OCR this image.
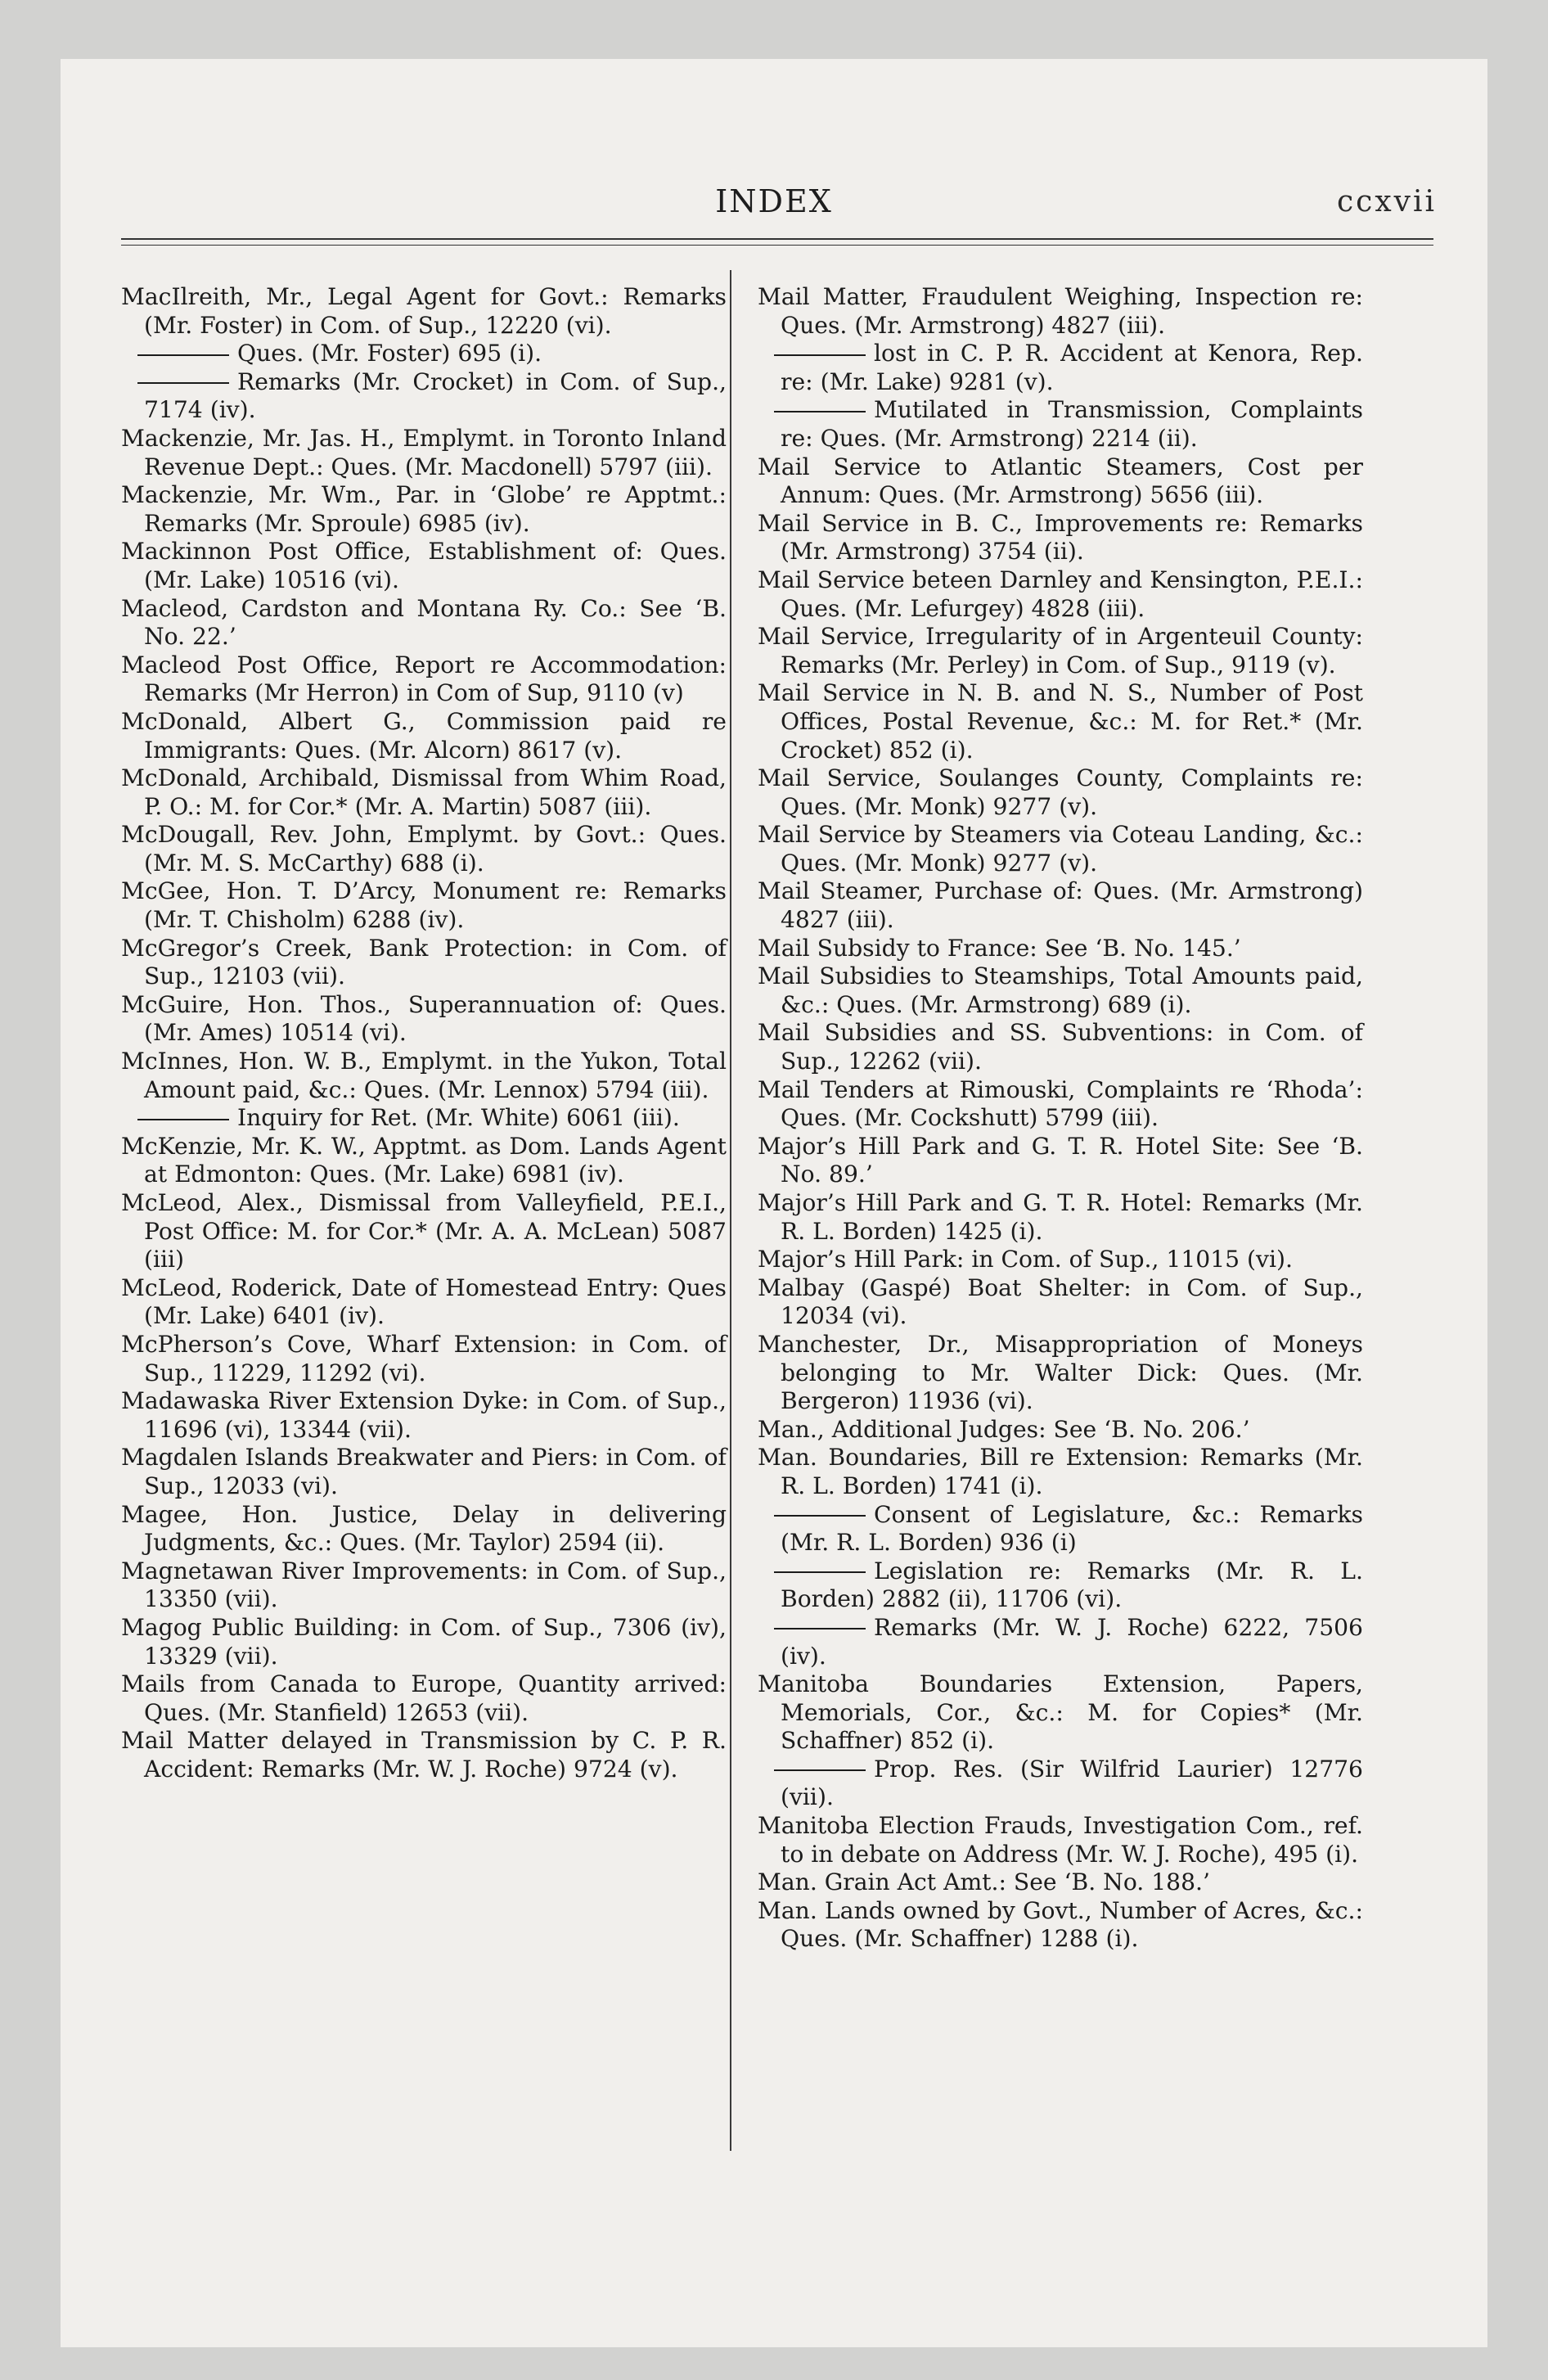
INDEX	ccxvii

MacIlreith, Mr., Legal Agent for Govt.: Remarks (Mr. Foster) in Com. of Sup., 12220 (vi).

Ques. (Mr. Foster) 695 (i).

Remarks (Mr. Crocket) in Com. of Sup., 7174 (iv).

Mackenzie, Mr. Jas. H., Emplymt. in Toronto Inland Revenue Dept.: Ques. (Mr. Macdonell) 5797 (iii).

Mackenzie, Mr. Wm., Par. in ‘Globe’ re Apptmt.: Remarks (Mr. Sproule) 6985 (iv).

Mackinnon Post Office, Establishment of: Ques. (Mr. Lake) 10516 (vi).

Macleod, Cardston and Montana Ry. Co.: See ‘B. No. 22.’

Macleod Post Office, Report re Accommodation: Remarks (Mr Herron) in Com of Sup, 9110 (v)

McDonald, Albert G., Commission paid re Immigrants: Ques. (Mr. Alcorn) 8617 (v).

McDonald, Archibald, Dismissal from Whim Road, P. O.: M. for Cor.* (Mr. A. Martin) 5087 (iii).

McDougall, Rev. John, Emplymt. by Govt.: Ques. (Mr. M. S. McCarthy) 688 (i).

McGee, Hon. T. D’Arcy, Monument re: Remarks (Mr. T. Chisholm) 6288 (iv).

McGregor’s Creek, Bank Protection: in Com. of Sup., 12103 (vii).

McGuire, Hon. Thos., Superannuation of: Ques. (Mr. Ames) 10514 (vi).

McInnes, Hon. W. B., Emplymt. in the Yukon, Total Amount paid, &c.: Ques. (Mr. Lennox) 5794 (iii).

Inquiry for Ret. (Mr. White) 6061 (iii).

McKenzie, Mr. K. W., Apptmt. as Dom. Lands Agent at Edmonton: Ques. (Mr. Lake) 6981 (iv).

McLeod, Alex., Dismissal from Valleyfield, P.E.I., Post Office: M. for Cor.* (Mr. A. A. McLean) 5087 (iii)

McLeod, Roderick, Date of Homestead Entry: Ques (Mr. Lake) 6401 (iv).

McPherson’s Cove, Wharf Extension: in Com. of Sup., 11229, 11292 (vi).

Madawaska River Extension Dyke: in Com. of Sup., 11696 (vi), 13344 (vii).

Magdalen Islands Breakwater and Piers: in Com. of Sup., 12033 (vi).

Magee, Hon. Justice, Delay in delivering Judgments, &c.: Ques. (Mr. Taylor) 2594 (ii).

Magnetawan River Improvements: in Com. of Sup., 13350 (vii).

Magog Public Building: in Com. of Sup., 7306 (iv), 13329 (vii).

Mails from Canada to Europe, Quantity arrived: Ques. (Mr. Stanfield) 12653 (vii).

Mail Matter delayed in Transmission by C. P. R. Accident: Remarks (Mr. W. J. Roche) 9724 (v).

Mail Matter, Fraudulent Weighing, Inspection re: Ques. (Mr. Armstrong) 4827 (iii).

lost in C. P. R. Accident at Kenora, Rep. re: (Mr. Lake) 9281 (v).

Mutilated in Transmission, Complaints re: Ques. (Mr. Armstrong) 2214 (ii).

Mail Service to Atlantic Steamers, Cost per Annum: Ques. (Mr. Armstrong) 5656 (iii).

Mail Service in B. C., Improvements re: Remarks (Mr. Armstrong) 3754 (ii).

Mail Service beteen Darnley and Kensington, P.E.I.: Ques. (Mr. Lefurgey) 4828 (iii).

Mail Service, Irregularity of in Argenteuil County: Remarks (Mr. Perley) in Com. of Sup., 9119 (v).

Mail Service in N. B. and N. S., Number of Post Offices, Postal Revenue, &c.: M. for Ret.* (Mr. Crocket) 852 (i).

Mail Service, Soulanges County, Complaints re: Ques. (Mr. Monk) 9277 (v).

Mail Service by Steamers via Coteau Landing, &c.: Ques. (Mr. Monk) 9277 (v).

Mail Steamer, Purchase of: Ques. (Mr. Armstrong) 4827 (iii).

Mail Subsidy to France: See ‘B. No. 145.’

Mail Subsidies to Steamships, Total Amounts paid, &c.: Ques. (Mr. Armstrong) 689 (i).

Mail Subsidies and SS. Subventions: in Com. of Sup., 12262 (vii).

Mail Tenders at Rimouski, Complaints re ‘Rhoda’: Ques. (Mr. Cockshutt) 5799 (iii).

Major’s Hill Park and G. T. R. Hotel Site: See ‘B. No. 89.’

Major’s Hill Park and G. T. R. Hotel: Remarks (Mr. R. L. Borden) 1425 (i).

Major’s Hill Park: in Com. of Sup., 11015 (vi).

Malbay (Gaspé) Boat Shelter: in Com. of Sup., 12034 (vi).

Manchester, Dr., Misappropriation of Moneys belonging to Mr. Walter Dick: Ques. (Mr. Bergeron) 11936 (vi).

Man., Additional Judges: See ‘B. No. 206.’

Man. Boundaries, Bill re Extension: Remarks (Mr. R. L. Borden) 1741 (i).

Consent of Legislature, &c.: Remarks (Mr. R. L. Borden) 936 (i)

Legislation re: Remarks (Mr. R. L. Borden) 2882 (ii), 11706 (vi).

Remarks (Mr. W. J. Roche) 6222, 7506 (iv).

Manitoba Boundaries Extension, Papers, Memorials, Cor., &c.: M. for Copies* (Mr. Schaffner) 852 (i).

Prop. Res. (Sir Wilfrid Laurier) 12776 (vii).

Manitoba Election Frauds, Investigation Com., ref. to in debate on Address (Mr. W. J. Roche), 495 (i).

Man. Grain Act Amt.: See ‘B. No. 188.’

Man. Lands owned by Govt., Number of Acres, &c.: Ques. (Mr. Schaffner) 1288 (i).
